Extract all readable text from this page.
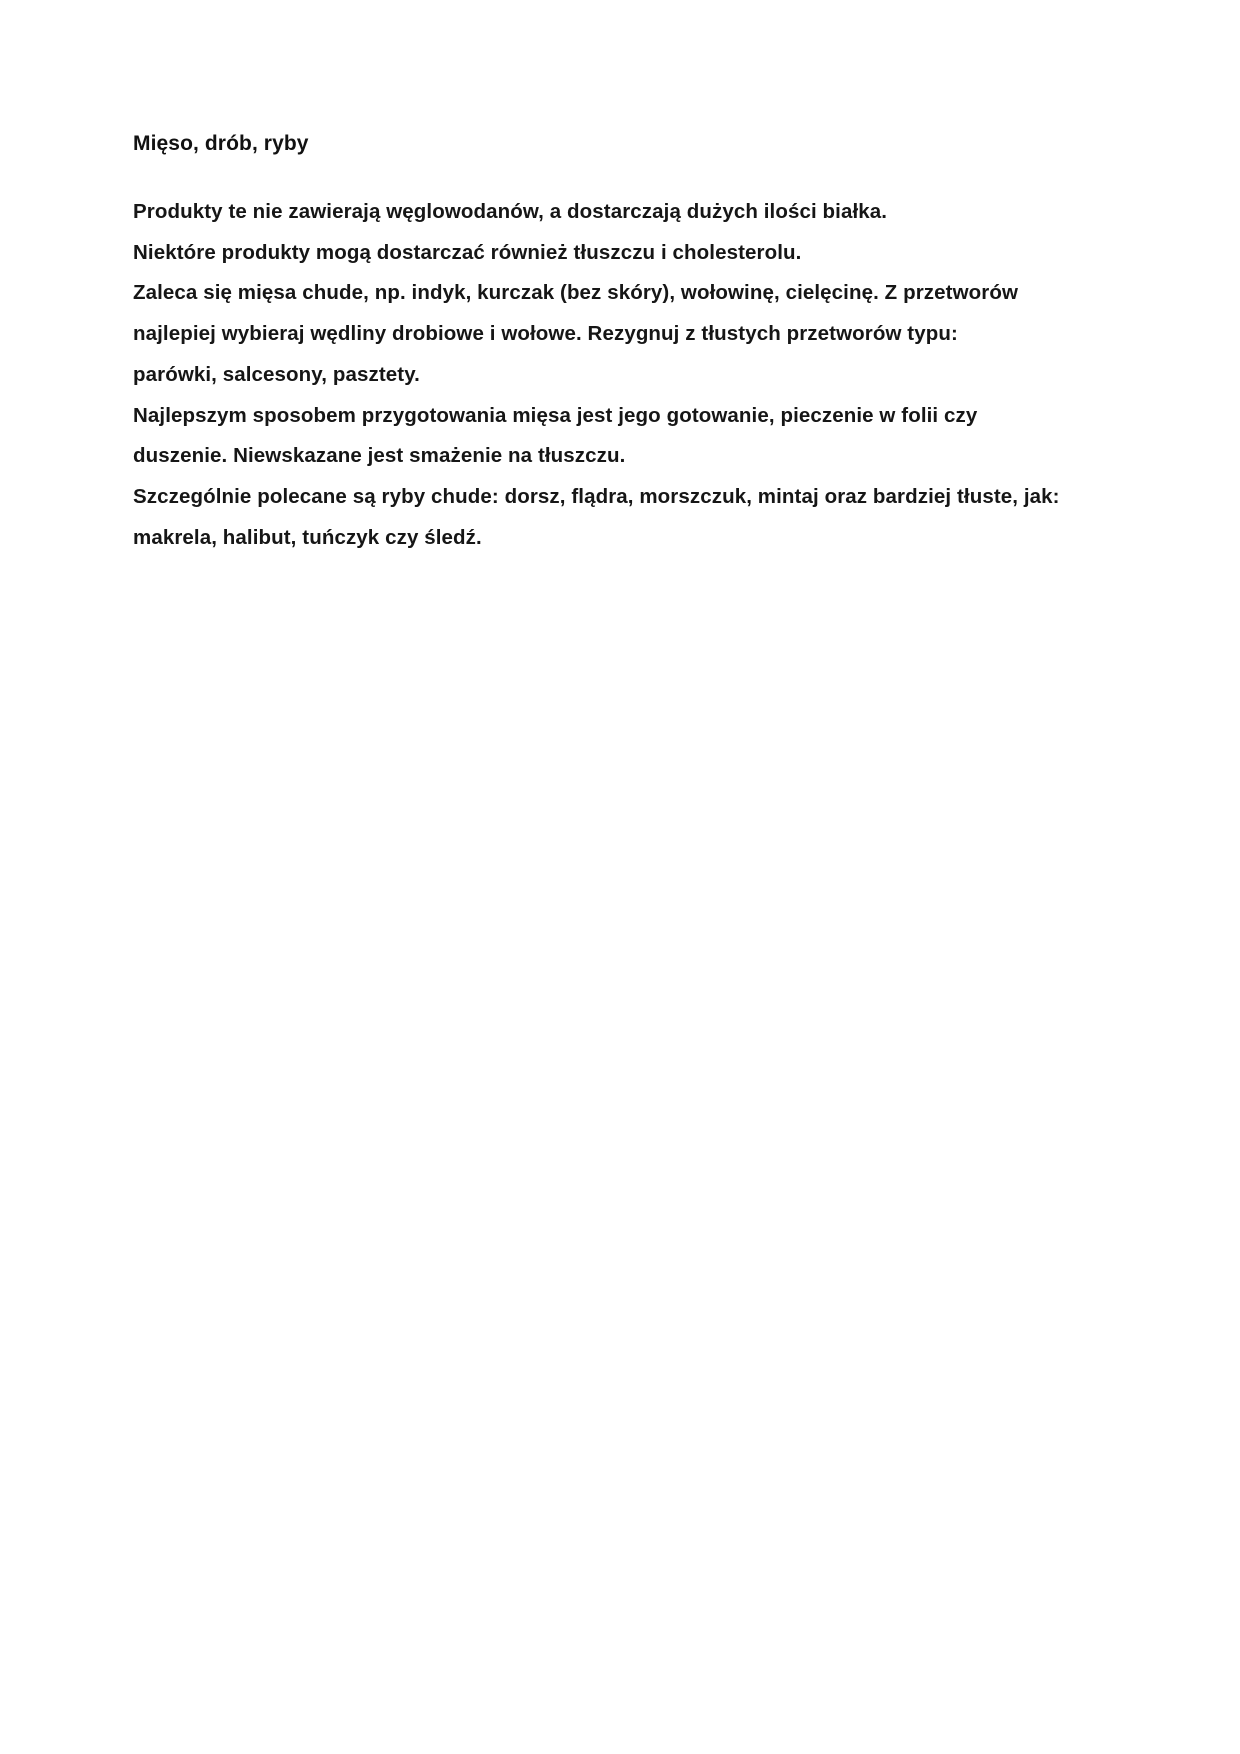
Mięso, drób, ryby
Produkty te nie zawierają węglowodanów, a dostarczają dużych ilości białka.
Niektóre produkty mogą dostarczać również tłuszczu i cholesterolu.
Zaleca się mięsa chude, np. indyk, kurczak (bez skóry), wołowinę, cielęcinę. Z przetworów
najlepiej wybieraj wędliny drobiowe i wołowe. Rezygnuj z tłustych przetworów typu:
parówki, salcesony, pasztety.
Najlepszym sposobem przygotowania mięsa jest jego gotowanie, pieczenie w folii czy
duszenie. Niewskazane jest smażenie na tłuszczu.
Szczególnie polecane są ryby chude: dorsz, flądra, morszczuk, mintaj oraz bardziej tłuste, jak:
makrela, halibut, tuńczyk czy śledź.
